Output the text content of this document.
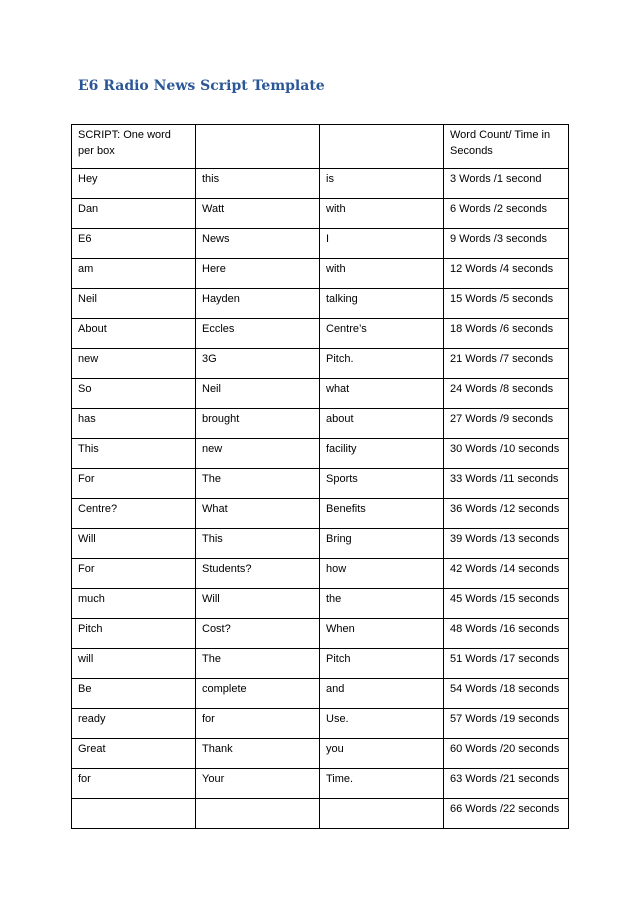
E6 Radio News Script Template
SCRIPT: One word per box			Word Count/ Time in Seconds
Hey	this	is	3 Words /1 second
Dan	Watt	with	6 Words /2 seconds
E6	News	I	9 Words /3 seconds
am	Here	with	12 Words /4 seconds
Neil	Hayden	talking	15 Words /5 seconds
About	Eccles	Centre’s	18 Words /6 seconds
new	3G	Pitch.	21 Words /7 seconds
So	Neil	what	24 Words /8 seconds
has	brought	about	27 Words /9 seconds
This	new	facility	30 Words /10 seconds
For	The	Sports	33 Words /11 seconds
Centre?	What	Benefits	36 Words /12 seconds
Will	This	Bring	39 Words /13 seconds
For	Students?	how	42 Words /14 seconds
much	Will	the	45 Words /15 seconds
Pitch	Cost?	When	48 Words /16 seconds
will	The	Pitch	51 Words /17 seconds
Be	complete	and	54 Words /18 seconds
ready	for	Use.	57 Words /19 seconds
Great	Thank	you	60 Words /20 seconds
for	Your	Time.	63 Words /21 seconds
			66 Words /22 seconds
